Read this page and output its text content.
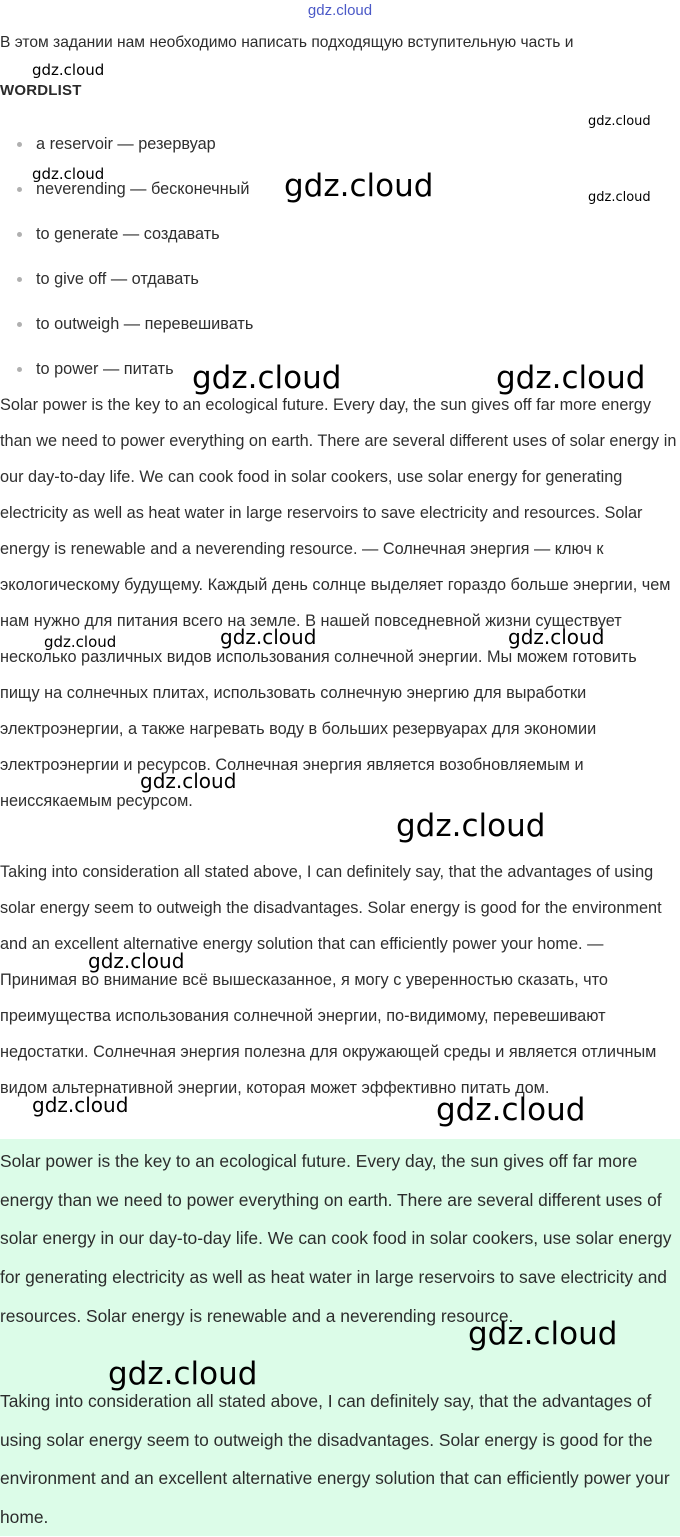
gdz.cloud
В этом задании нам необходимо написать подходящую вступительную часть и
WORDLIST
a reservoir — резервуар
neverending — бесконечный
to generate — создавать
to give off — отдавать
to outweigh — перевешивать
to power — питать
Solar power is the key to an ecological future. Every day, the sun gives off far more energy than we need to power everything on earth. There are several different uses of solar energy in our day-to-day life. We can cook food in solar cookers, use solar energy for generating electricity as well as heat water in large reservoirs to save electricity and resources. Solar energy is renewable and a neverending resource. — Солнечная энергия — ключ к экологическому будущему. Каждый день солнце выделяет гораздо больше энергии, чем нам нужно для питания всего на земле. В нашей повседневной жизни существует несколько различных видов использования солнечной энергии. Мы можем готовить пищу на солнечных плитах, использовать солнечную энергию для выработки электроэнергии, а также нагревать воду в больших резервуарах для экономии электроэнергии и ресурсов. Солнечная энергия является возобновляемым и неиссякаемым ресурсом.
Taking into consideration all stated above, I can definitely say, that the advantages of using solar energy seem to outweigh the disadvantages. Solar energy is good for the environment and an excellent alternative energy solution that can efficiently power your home. — Принимая во внимание всё вышесказанное, я могу с уверенностью сказать, что преимущества использования солнечной энергии, по-видимому, перевешивают недостатки. Солнечная энергия полезна для окружающей среды и является отличным видом альтернативной энергии, которая может эффективно питать дом.

Solar power is the key to an ecological future. Every day, the sun gives off far more energy than we need to power everything on earth. There are several different uses of solar energy in our day-to-day life. We can cook food in solar cookers, use solar energy for generating electricity as well as heat water in large reservoirs to save electricity and resources. Solar energy is renewable and a neverending resource.

Taking into consideration all stated above, I can definitely say, that the advantages of using solar energy seem to outweigh the disadvantages. Solar energy is good for the environment and an excellent alternative energy solution that can efficiently power your home.

gdz.cloud
gdz.cloud
gdz.cloud	gdz.cloud	gdz.cloud
gdz.cloud	gdz.cloud
gdz.cloud	gdz.cloud	gdz.cloud
gdz.cloud
gdz.cloud
gdz.cloud
gdz.cloud	gdz.cloud
gdz.cloud
gdz.cloud
